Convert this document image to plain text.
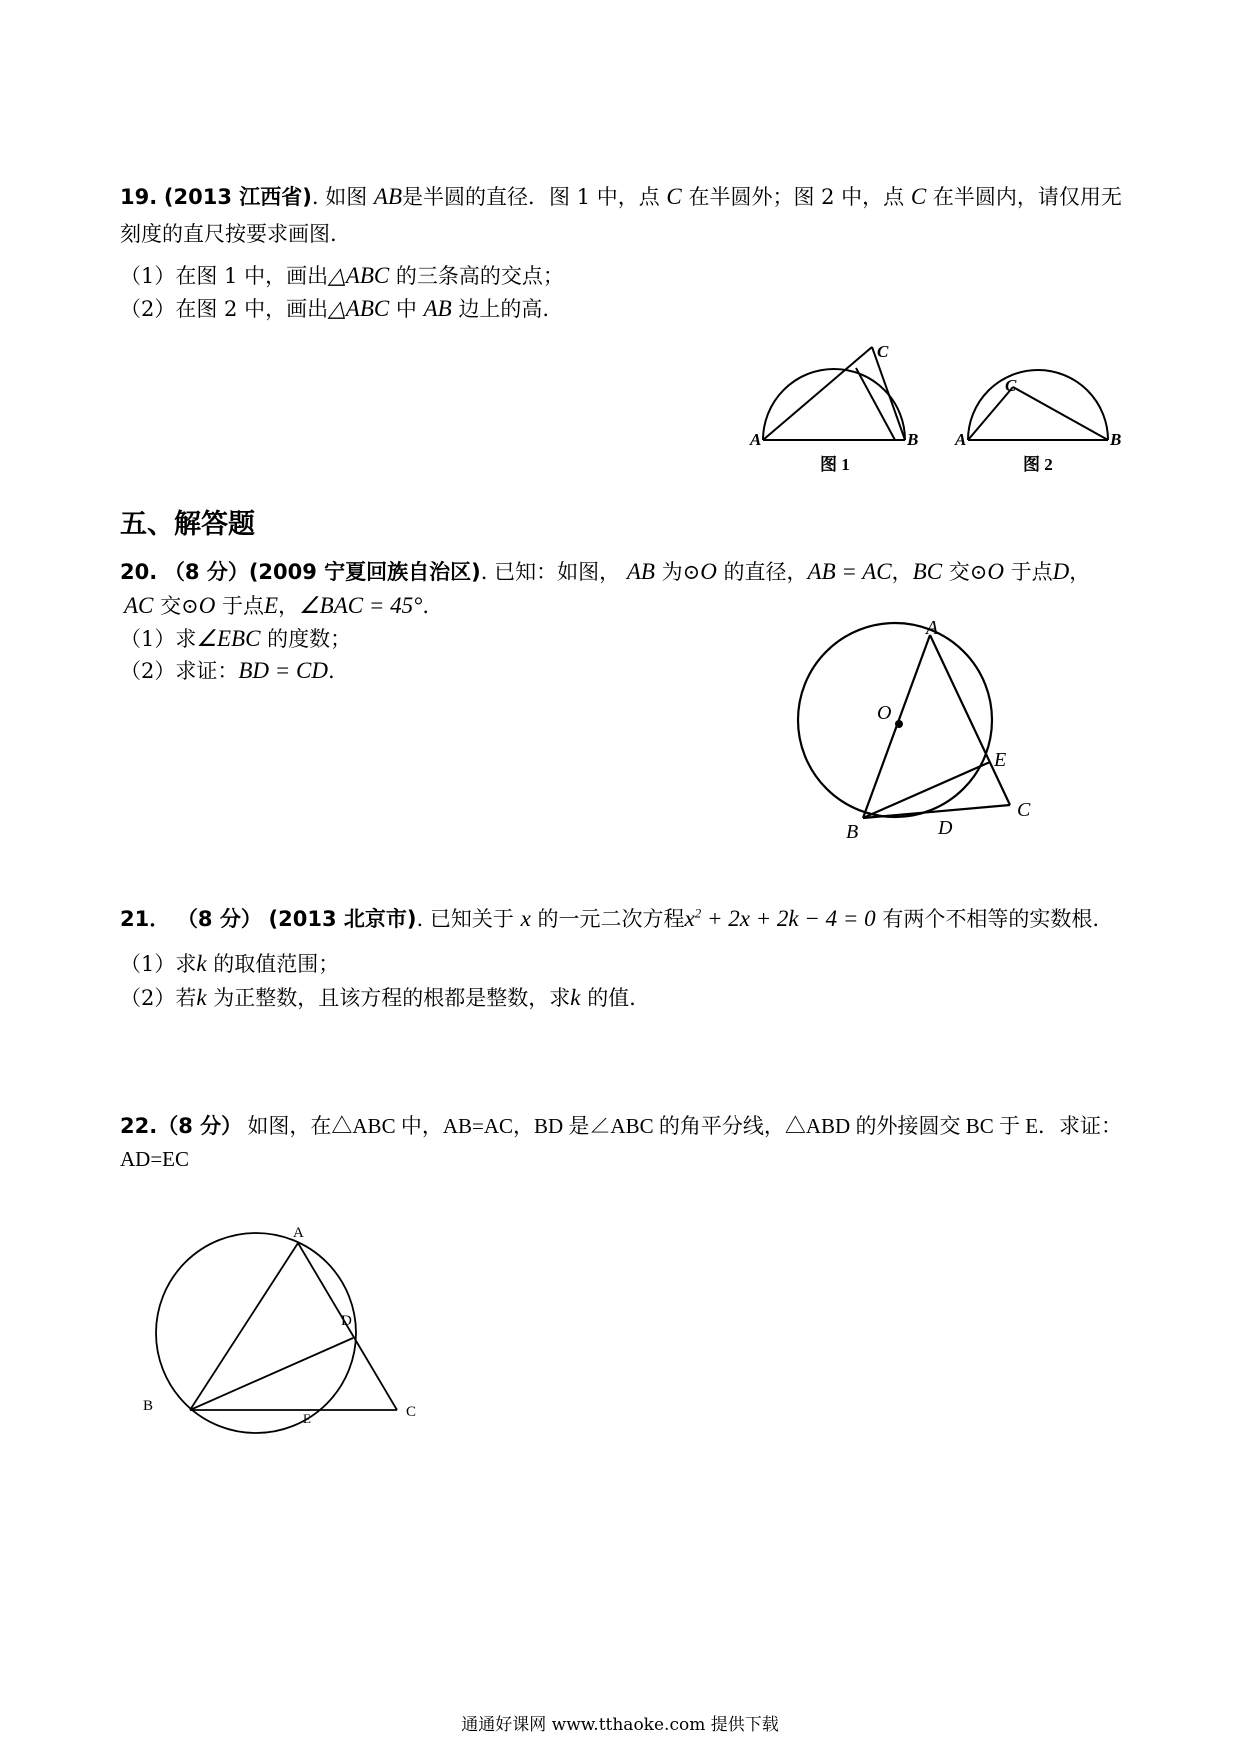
19. (2013 江西省). 如图 AB是半圆的直径．图 1 中，点 C 在半圆外；图 2 中，点 C 在半圆内，请仅用无
刻度的直尺按要求画图.
（1）在图 1 中，画出△ABC 的三条高的交点；
（2）在图 2 中，画出△ABC 中 AB 边上的高.
A	B
C
图 1
A	B
C
图 2
五、解答题
20. （8 分）(2009 宁夏回族自治区). 已知：如图， AB 为⊙O 的直径，AB = AC，BC 交⊙O 于点D，
AC 交⊙O 于点E，∠BAC = 45°.
（1）求∠EBC 的度数；
（2）求证：BD = CD.
A
O
E
B	D
C
21． （8 分） (2013 北京市). 已知关于 x 的一元二次方程$x^2 + 2x + 2k - 4 = 0$ 有两个不相等的实数根.
（1）求k 的取值范围；
（2）若k 为正整数，且该方程的根都是整数，求k 的值.
22.（8 分） 如图，在△ABC 中，AB=AC，BD 是∠ABC 的角平分线，△ABD 的外接圆交 BC 于 E．求证：
AD=EC
A
D
B
E	C
通通好课网 www.tthaoke.com 提供下载
